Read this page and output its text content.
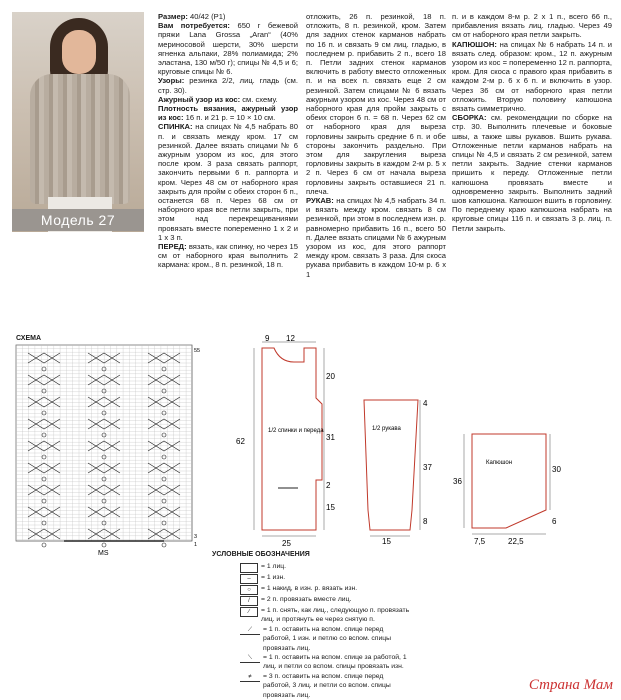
Модель 27

Размер: 40/42 (Р1)

Вам потребуется: 650 г бежевой пряжи Lana Grossa „Aran“ (40% мериносовой шерсти, 30% шерсти ягненка альпаки, 28% полиамида; 2% эластана, 130 м/50 г); спицы № 4,5 и 6; круговые спицы № 6.

Узоры: резинка 2/2, лиц. гладь (см. стр. 30).

Ажурный узор из кос: см. схему.

Плотность вязания, ажурный узор из кос: 16 п. и 21 р. = 10 × 10 см.

СПИНКА: на спицах № 4,5 набрать 80 п. и связать между кром. 17 см резинкой. Далее вязать спицами № 6 ажурным узором из кос, для этого после кром. 3 раза связать раппорт, закончить первыми 6 п. раппорта и кром. Через 48 см от наборного края закрыть для пройм с обеих сторон 6 п., останется 68 п. Через 68 см от наборного края все петли закрыть, при этом над перекрещиваниями провязать вместе попеременно 1 х 2 и 1 х 3 п.

ПЕРЕД: вязать, как спинку, но через 15 см от наборного края выполнить 2 кармана: кром., 8 п. резинкой, 18 п.

отложить, 26 п. резинкой, 18 п. отложить, 8 п. резинкой, кром. Затем для задних стенок карманов набрать по 16 п. и связать 9 см лиц. гладью, в последнем р. прибавить 2 п., всего 18 п. Петли задних стенок карманов включить в работу вместо отложенных п. и на всех п. связать еще 2 см резинкой. Затем спицами № 6 вязать ажурным узором из кос. Через 48 см от наборного края для пройм закрыть с обеих сторон 6 п. = 68 п. Через 62 см от наборного края для выреза горловины закрыть средние 6 п. и обе стороны закончить раздельно. При этом для закругления выреза горловины закрыть в каждом 2-м р. 5 х 2 п. Через 6 см от начала выреза горловины закрыть оставшиеся 21 п. плеча.

РУКАВ: на спицах № 4,5 набрать 34 п. и вязать между кром. связать 8 см резинкой, при этом в последнем изн. р. равномерно прибавить 16 п., всего 50 п. Далее вязать спицами № 6 ажурным узором из кос, для этого раппорт между кром. связать 3 раза. Для скоса рукава прибавить в каждом 10-м р. 6 х 1

п. и в каждом 8-м р. 2 х 1 п., всего 66 п., прибавления вязать лиц. гладью. Через 49 см от наборного края петли закрыть.

КАПЮШОН: на спицах № 6 набрать 14 п. и вязать след. образом: кром., 12 п. ажурным узором из кос = попеременно 12 п. раппорта, кром. Для скоса с правого края прибавить в каждом 2-м р. 6 х 6 п. и включить в узор. Через 36 см от наборного края петли отложить. Вторую половину капюшона вязать симметрично.

СБОРКА: см. рекомендации по сборке на стр. 30. Выполнить плечевые и боковые швы, а также швы рукавов. Вшить рукава. Отложенные петли карманов набрать на спицы № 4,5 и связать 2 см резинкой, затем петли закрыть. Задние стенки карманов пришить к переду. Отложенные петли капюшона провязать вместе и одновременно закрыть. Выполнить задний шов капюшона. Капюшон вшить в горловину. По переднему краю капюшона набрать на круговые спицы 116 п. и связать 3 р. лиц. п. Петли закрыть.

СХЕМА
55
3
1
MS
9 12
20
31
2
15
62
25
1/2 спинки и переда
4
37
8
15
1/2 рукава
36
30
6
7,5	22,5
Капюшон
УСЛОВНЫЕ ОБОЗНАЧЕНИЯ
= 1 лиц.
–	= 1 изн.
○	= 1 накид, в изн. р. вязать изн.
/	= 2 п. провязать вместе лиц.
∕	= 1 п. снять, как лиц., следующую п. провязать лиц. и протянуть ее через снятую п.
⟋	= 1 п. оставить на вспом. спице перед работой, 1 изн. и петлю со вспом. спицы провязать лиц.
⟍	= 1 п. оставить на вспом. спице за работой, 1 лиц. и петли со вспом. спицы провязать изн.
≠	= 3 п. оставить на вспом. спице перед работой, 3 лиц. и петли со вспом. спицы провязать лиц.
Страна Мам
